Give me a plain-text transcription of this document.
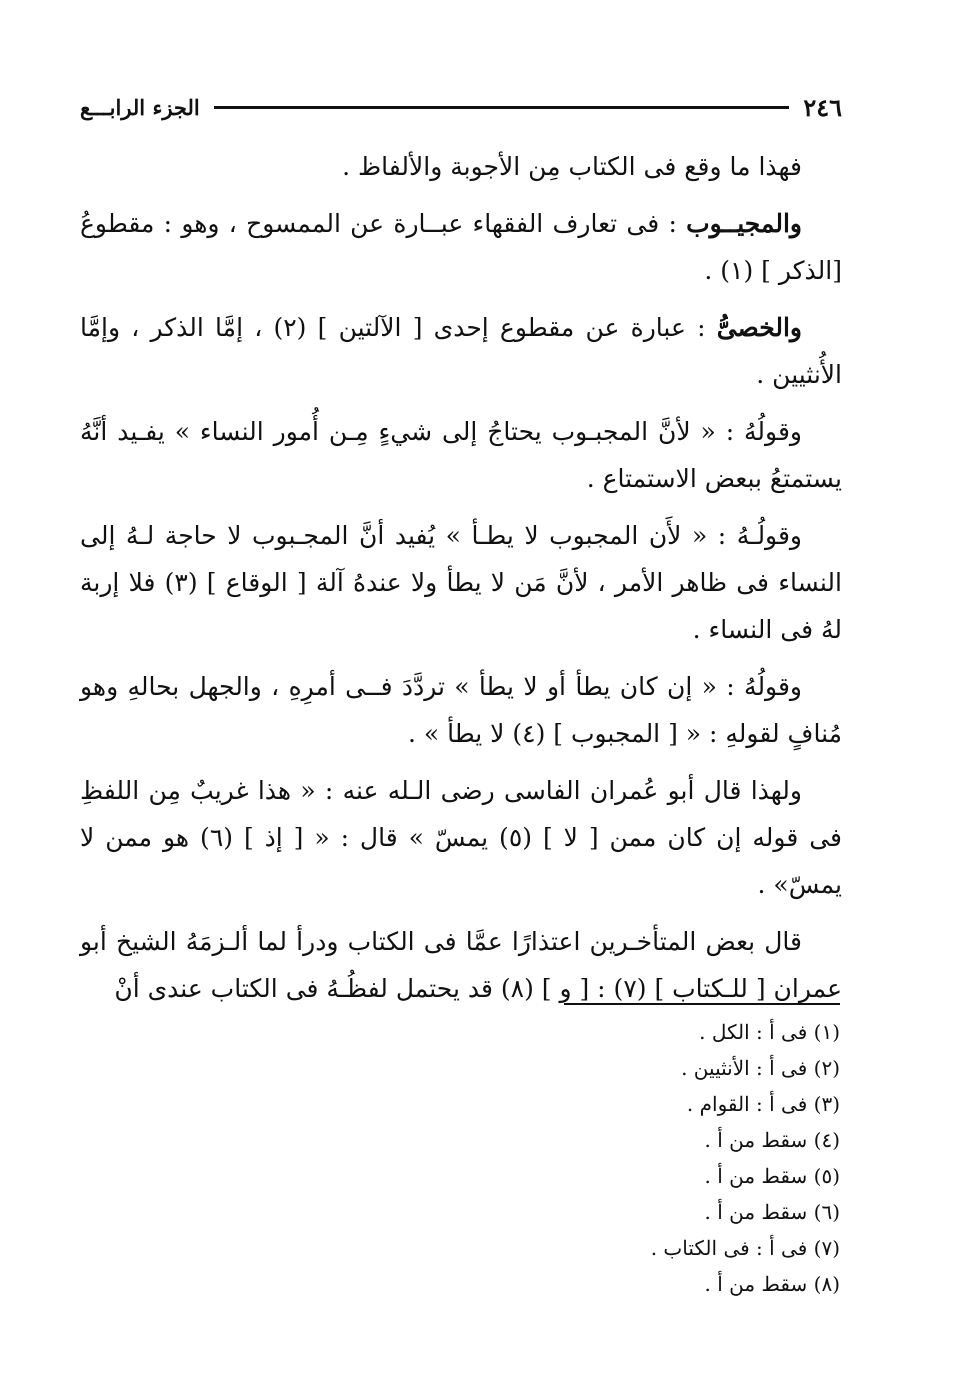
٢٤٦
الجزء الرابـــع

فهذا ما وقع فى الكتاب مِن الأجوبة والألفاظ .

والمجيــوب : فى تعارف الفقهاء عبــارة عن الممسوح ، وهو : مقطوعُ [الذكر ] (١) .

والخصىُّ : عبارة عن مقطوع إحدى [ الآلتين ] (٢) ، إمَّا الذكر ، وإمَّا الأُنثيين .

وقولُهُ : « لأنَّ المجبـوب يحتاجُ إلى شيءٍ مِـن أُمور النساء » يفـيد أنَّهُ يستمتعُ ببعض الاستمتاع .

وقولُـهُ : « لأَن المجبوب لا يطـأ » يُفيد أنَّ المجـبوب لا حاجة لـهُ إلى النساء فى ظاهر الأمر ، لأنَّ مَن لا يطأ ولا عندهُ آلة [ الوقاع ] (٣) فلا إربة لهُ فى النساء .

وقولُهُ : « إن كان يطأ أو لا يطأ » تردَّدَ فــى أمرِهِ ، والجهل بحالهِ وهو مُنافٍ لقولهِ : « [ المجبوب ] (٤) لا يطأ » .

ولهذا قال أبو عُمران الفاسى رضى الـله عنه : « هذا غريبٌ مِن اللفظِ فى قوله إن كان ممن [ لا ] (٥) يمسّ » قال : « [ إذ ] (٦) هو ممن لا يمسّ» .

قال بعض المتأخـرين اعتذارًا عمَّا فى الكتاب ودرأ لما ألـزمَهُ الشيخ أبو عمران [ للـكتاب ] (٧) : [ و ] (٨) قد يحتمل لفظُـهُ فى الكتاب عندى أنْ

(١) فى أ : الكل .
(٢) فى أ : الأنثيين .
(٣) فى أ : القوام .
(٤) سقط من أ .
(٥) سقط من أ .
(٦) سقط من أ .
(٧) فى أ : فى الكتاب .
(٨) سقط من أ .
